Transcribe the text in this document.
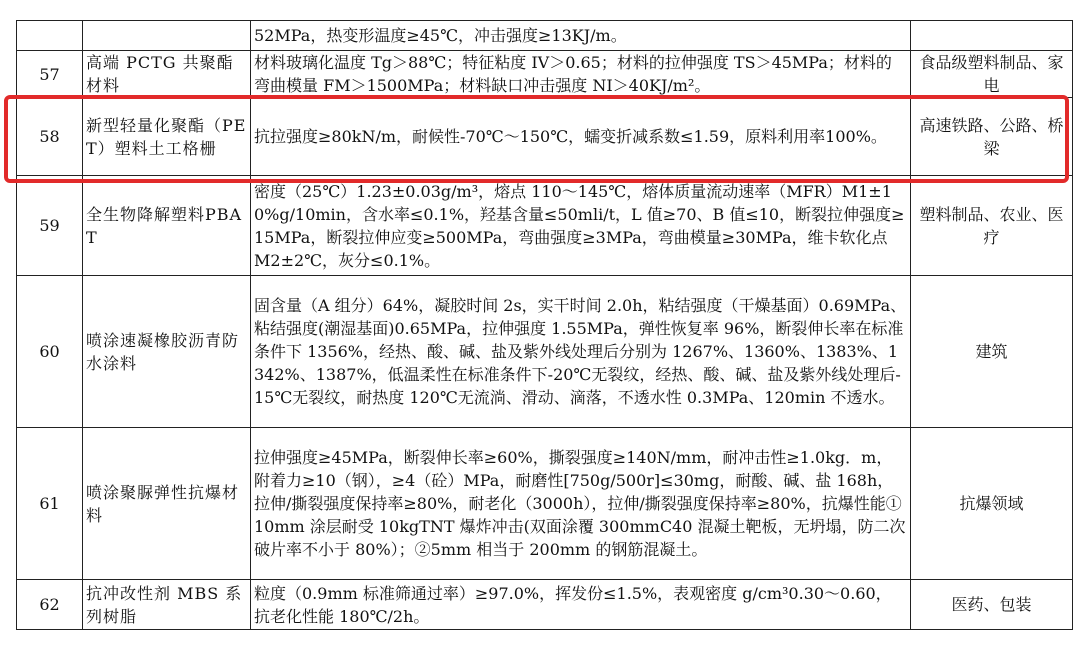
		52MPa，热变形温度≥45℃，冲击强度≥13KJ/m。	
57	高端 PCTG 共聚酯材料	材料玻璃化温度 Tg＞88℃；特征粘度 IV＞0.65；材料的拉伸强度 TS＞45MPa；材料的弯曲模量 FM＞1500MPa；材料缺口冲击强度 NI＞40KJ/m²。	食品级塑料制品、家电
58	新型轻量化聚酯（PET）塑料土工格栅	抗拉强度≥80kN/m，耐候性-70℃～150℃，蠕变折减系数≤1.59，原料利用率100%。	高速铁路、公路、桥梁
59	全生物降解塑料PBAT	密度（25℃）1.23±0.03g/m³，熔点 110～145℃，熔体质量流动速率（MFR）M1±10%g/10min，含水率≤0.1%，羟基含量≤50mli/t，L 值≥70、B 值≤10，断裂拉伸强度≥15MPa，断裂拉伸应变≥500MPa，弯曲强度≥3MPa，弯曲模量≥30MPa，维卡软化点 M2±2℃，灰分≤0.1%。	塑料制品、农业、医疗
60	喷涂速凝橡胶沥青防水涂料	固含量（A 组分）64%，凝胶时间 2s，实干时间 2.0h，粘结强度（干燥基面）0.69MPa、粘结强度(潮湿基面)0.65MPa，拉伸强度 1.55MPa，弹性恢复率 96%，断裂伸长率在标准条件下 1356%，经热、酸、碱、盐及紫外线处理后分别为 1267%、1360%、1383%、1342%、1387%，低温柔性在标准条件下-20℃无裂纹，经热、酸、碱、盐及紫外线处理后-15℃无裂纹，耐热度 120℃无流淌、滑动、滴落，不透水性 0.3MPa、120min 不透水。	建筑
61	喷涂聚脲弹性抗爆材料	拉伸强度≥45MPa，断裂伸长率≥60%，撕裂强度≥140N/mm，耐冲击性≥1.0kg．m，附着力≥10（钢），≥4（砼）MPa，耐磨性[750g/500r]≤30mg，耐酸、碱、盐 168h，拉伸/撕裂强度保持率≥80%，耐老化（3000h），拉伸/撕裂强度保持率≥80%，抗爆性能①10mm 涂层耐受 10kgTNT 爆炸冲击(双面涂覆 300mmC40 混凝土靶板，无坍塌，防二次破片率不小于 80%）；②5mm 相当于 200mm 的钢筋混凝土。	抗爆领域
62	抗冲改性剂 MBS 系列树脂	粒度（0.9mm 标准筛通过率）≥97.0%，挥发份≤1.5%，表观密度 g/cm³0.30～0.60，抗老化性能 180℃/2h。	医药、包装
